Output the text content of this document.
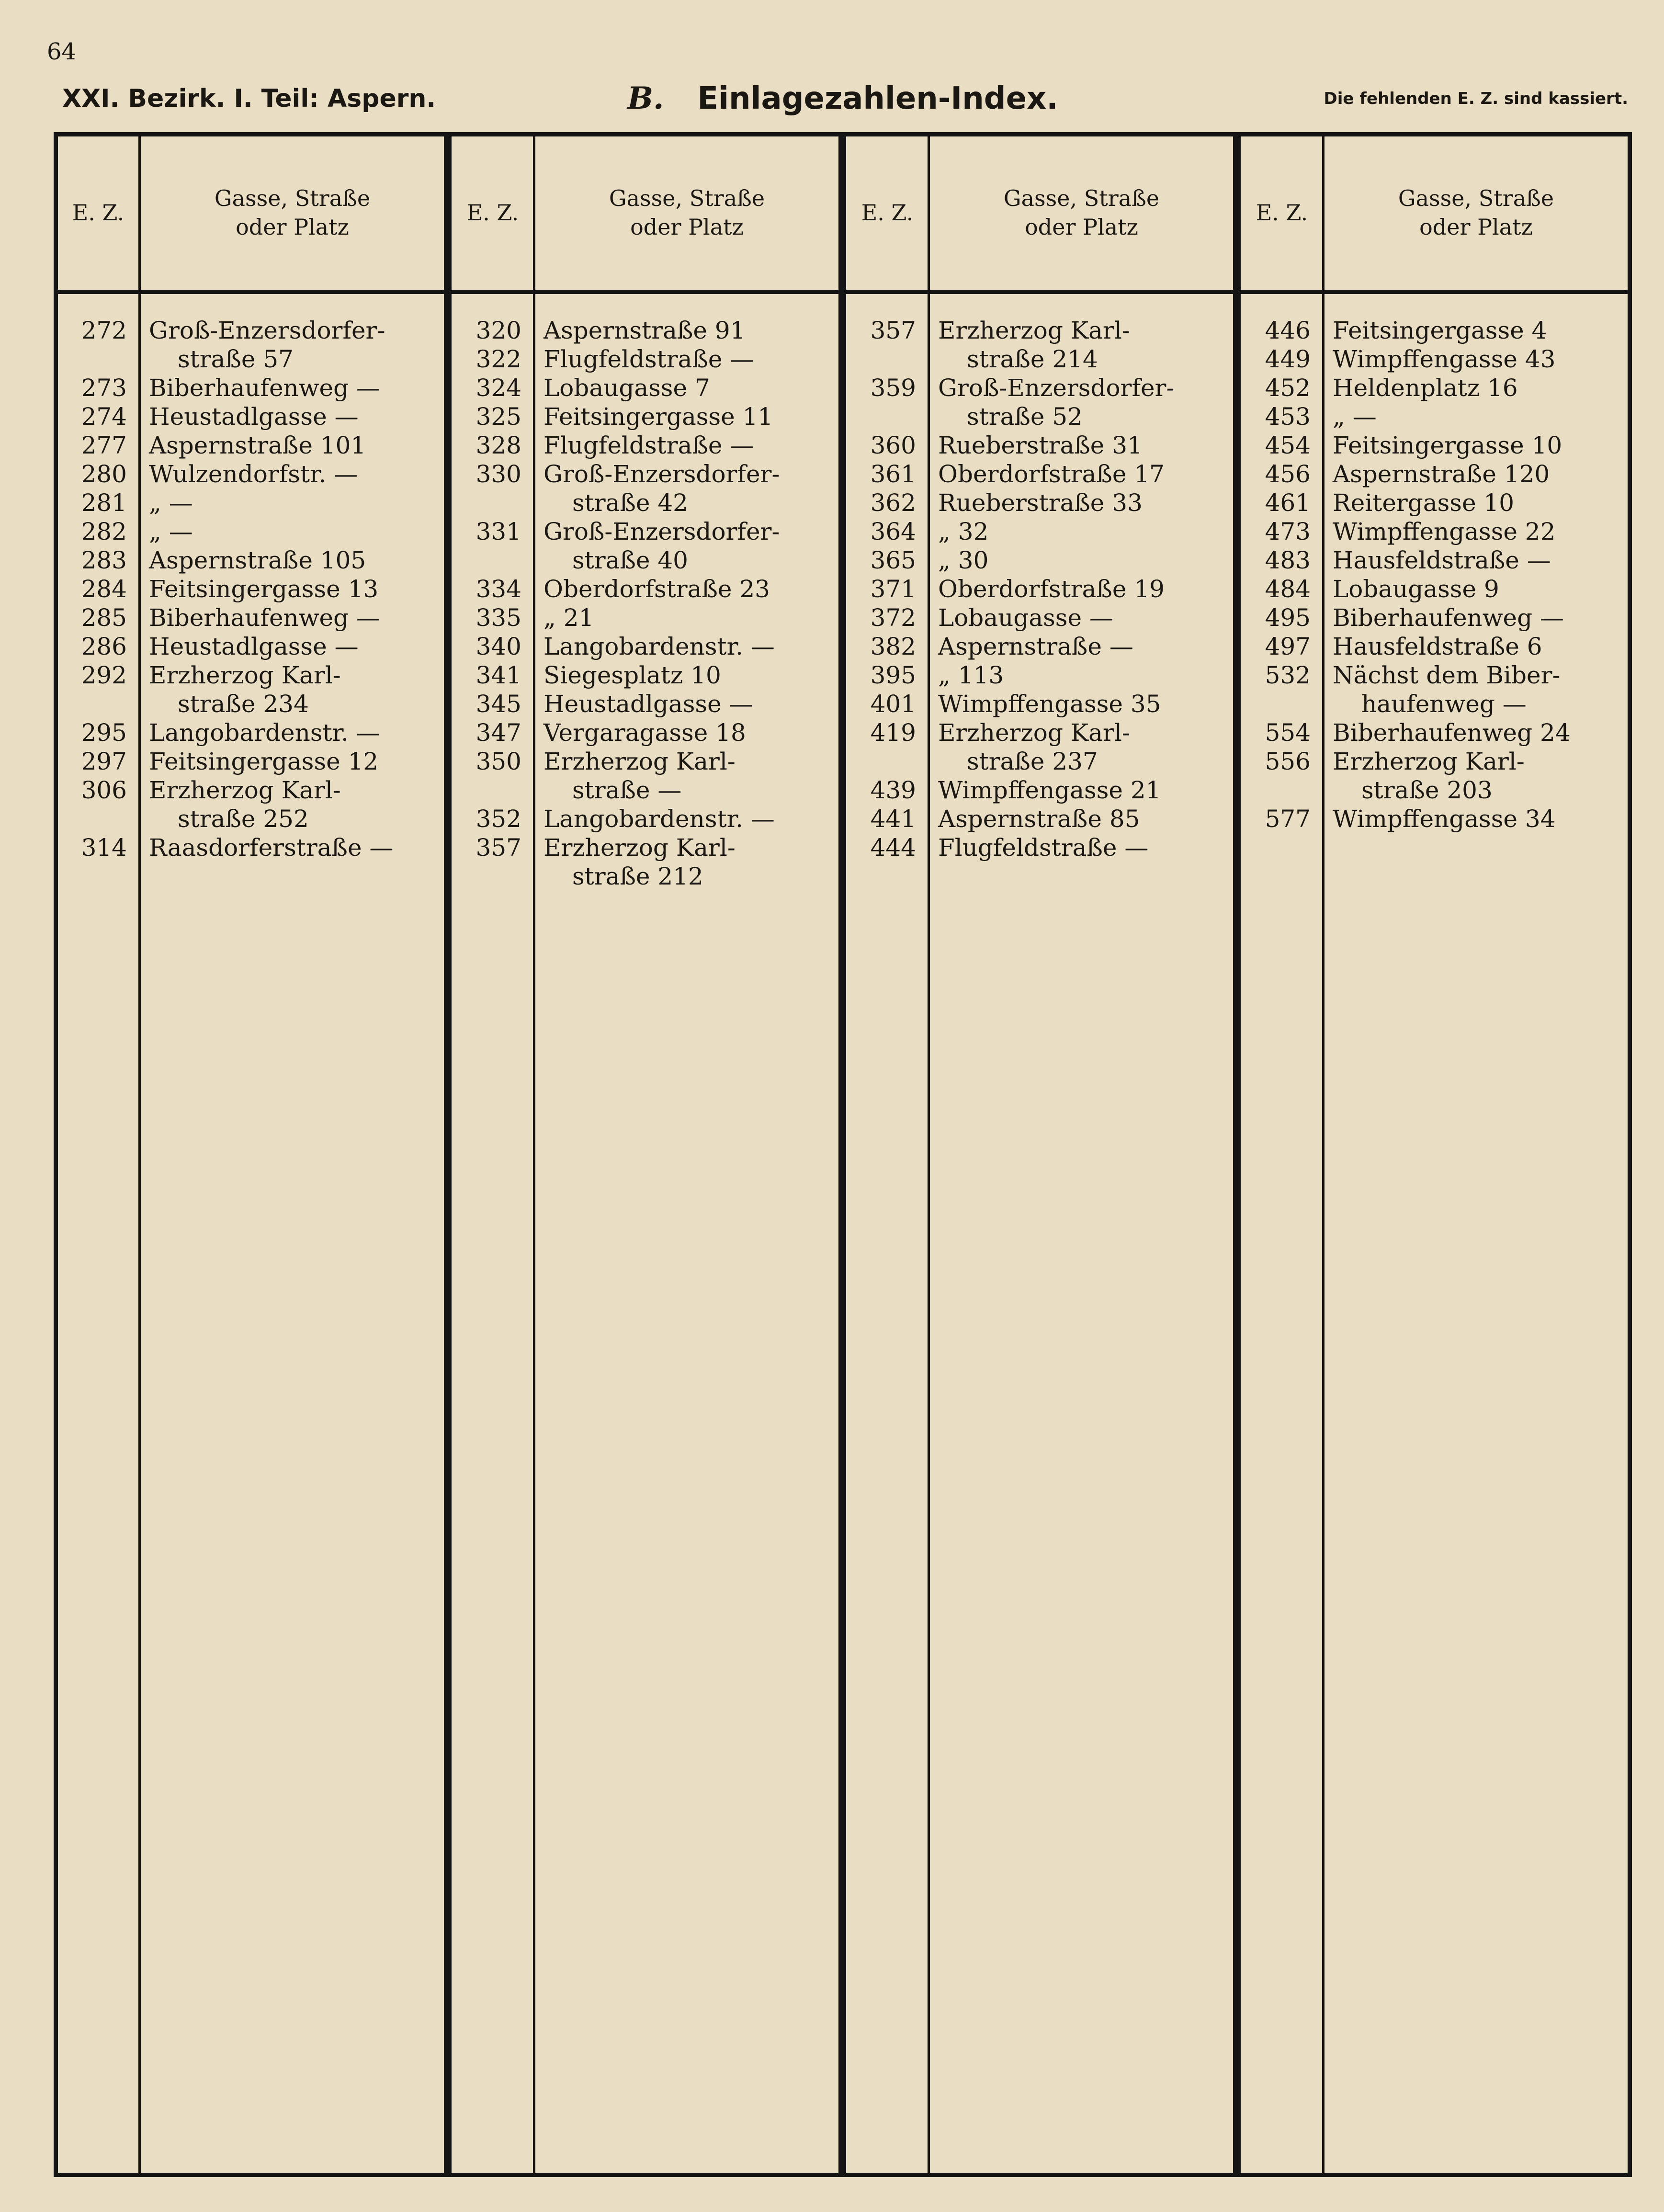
64
XXI. Bezirk. I. Teil: Aspern.	B. Einlagezahlen-Index.	Die fehlenden E. Z. sind kassiert.
E. Z.
Gasse, Straße
oder Platz
E. Z.
Gasse, Straße
oder Platz
E. Z.
Gasse, Straße
oder Platz
E. Z.
Gasse, Straße
oder Platz
272 Groß-Enzersdorfer-
straße 57
273 Biberhaufenweg —
274 Heustadlgasse —
277 Aspernstraße 101
280 Wulzendorfstr. —
281 „ —
282 „ —
283 Aspernstraße 105
284 Feitsingergasse 13
285 Biberhaufenweg —
286 Heustadlgasse —
292 Erzherzog Karl-
straße 234
295 Langobardenstr. —
297 Feitsingergasse 12
306 Erzherzog Karl-
straße 252
314 Raasdorferstraße —
320 Aspernstraße 91
322 Flugfeldstraße —
324 Lobaugasse 7
325 Feitsingergasse 11
328 Flugfeldstraße —
330 Groß-Enzersdorfer-
straße 42
331 Groß-Enzersdorfer-
straße 40
334 Oberdorfstraße 23
335 „ 21
340 Langobardenstr. —
341 Siegesplatz 10
345 Heustadlgasse —
347 Vergaragasse 18
350 Erzherzog Karl-
straße —
352 Langobardenstr. —
357 Erzherzog Karl-
straße 212
357 Erzherzog Karl-
straße 214
359 Groß-Enzersdorfer-
straße 52
360 Rueberstraße 31
361 Oberdorfstraße 17
362 Rueberstraße 33
364 „ 32
365 „ 30
371 Oberdorfstraße 19
372 Lobaugasse —
382 Aspernstraße —
395 „ 113
401 Wimpffengasse 35
419 Erzherzog Karl-
straße 237
439 Wimpffengasse 21
441 Aspernstraße 85
444 Flugfeldstraße —
446 Feitsingergasse 4
449 Wimpffengasse 43
452 Heldenplatz 16
453 „ —
454 Feitsingergasse 10
456 Aspernstraße 120
461 Reitergasse 10
473 Wimpffengasse 22
483 Hausfeldstraße —
484 Lobaugasse 9
495 Biberhaufenweg —
497 Hausfeldstraße 6
532 Nächst dem Biber-
haufenweg —
554 Biberhaufenweg 24
556 Erzherzog Karl-
straße 203
577 Wimpffengasse 34
